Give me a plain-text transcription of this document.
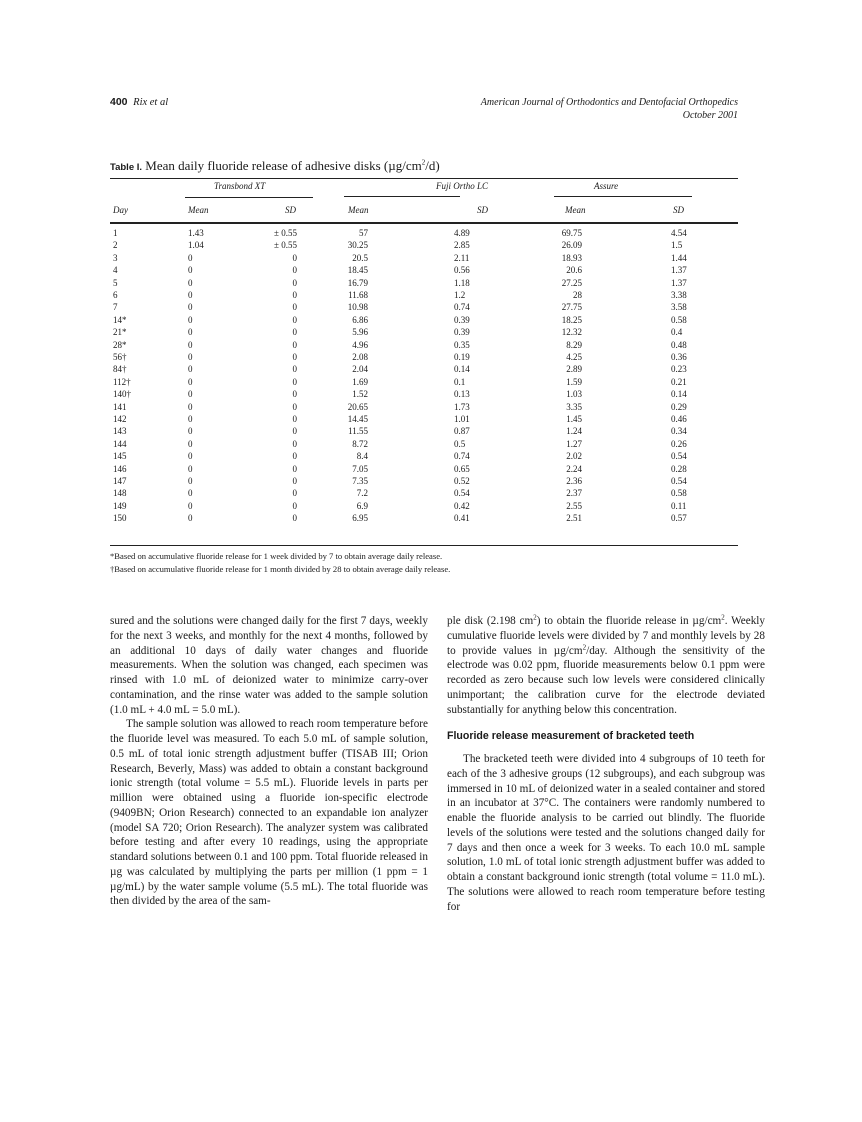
400 Rix et al	American Journal of Orthodontics and Dentofacial Orthopedics
October 2001
Table I. Mean daily fluoride release of adhesive disks $(\mu g/cm^2/d)$
Transbond XT	Fuji Ortho LC	Assure
Day	Mean	SD	Mean	SD	Mean	SD
1	1.43	± 0.55	57	4.89	69.75	4.54
2	1.04	± 0.55	30.25	2.85	26.09	1.5
3	0	0	20.5	2.11	18.93	1.44
4	0	0	18.45	0.56	20.6	1.37
5	0	0	16.79	1.18	27.25	1.37
6	0	0	11.68	1.2	28	3.38
7	0	0	10.98	0.74	27.75	3.58
14*	0	0	6.86	0.39	18.25	0.58
21*	0	0	5.96	0.39	12.32	0.4
28*	0	0	4.96	0.35	8.29	0.48
56†	0	0	2.08	0.19	4.25	0.36
84†	0	0	2.04	0.14	2.89	0.23
112†	0	0	1.69	0.1	1.59	0.21
140†	0	0	1.52	0.13	1.03	0.14
141	0	0	20.65	1.73	3.35	0.29
142	0	0	14.45	1.01	1.45	0.46
143	0	0	11.55	0.87	1.24	0.34
144	0	0	8.72	0.5	1.27	0.26
145	0	0	8.4	0.74	2.02	0.54
146	0	0	7.05	0.65	2.24	0.28
147	0	0	7.35	0.52	2.36	0.54
148	0	0	7.2	0.54	2.37	0.58
149	0	0	6.9	0.42	2.55	0.11
150	0	0	6.95	0.41	2.51	0.57
*Based on accumulative fluoride release for 1 week divided by 7 to obtain average daily release.
†Based on accumulative fluoride release for 1 month divided by 28 to obtain average daily release.

sured and the solutions were changed daily for the first 7 days, weekly for the next 3 weeks, and monthly for the next 4 months, followed by an additional 10 days of daily water changes and fluoride measurements. When the solution was changed, each specimen was rinsed with 1.0 mL of deionized water to minimize carry-over contamination, and the rinse water was added to the sample solution (1.0 mL + 4.0 mL = 5.0 mL).

The sample solution was allowed to reach room temperature before the fluoride level was measured. To each 5.0 mL of sample solution, 0.5 mL of total ionic strength adjustment buffer (TISAB III; Orion Research, Beverly, Mass) was added to obtain a constant background ionic strength (total volume = 5.5 mL). Fluoride levels in parts per million were obtained using a fluoride ion-specific electrode (9409BN; Orion Research) connected to an expandable ion analyzer (model SA 720; Orion Research). The analyzer system was calibrated before testing and after every 10 readings, using the appropriate standard solutions between 0.1 and 100 ppm. Total fluoride released in µg was calculated by multiplying the parts per million (1 ppm = 1 µg/mL) by the water sample volume (5.5 mL). The total fluoride was then divided by the area of the sam-

ple disk (2.198 $cm^2$) to obtain the fluoride release in $\mu g/cm^2$. Weekly cumulative fluoride levels were divided by 7 and monthly levels by 28 to provide values in $\mu g/cm^2$/day. Although the sensitivity of the electrode was 0.02 ppm, fluoride measurements below 0.1 ppm were recorded as zero because such low levels were considered clinically unimportant; the calibration curve for the electrode deviated substantially for anything below this concentration.

Fluoride release measurement of bracketed teeth

The bracketed teeth were divided into 4 subgroups of 10 teeth for each of the 3 adhesive groups (12 subgroups), and each subgroup was immersed in 10 mL of deionized water in a sealed container and stored in an incubator at 37°C. The containers were randomly numbered to enable the fluoride analysis to be carried out blindly. The fluoride levels of the solutions were tested and the solutions changed daily for 7 days and then once a week for 3 weeks. To each 10.0 mL sample solution, 1.0 mL of total ionic strength adjustment buffer was added to obtain a constant background ionic strength (total volume = 11.0 mL). The solutions were allowed to reach room temperature before testing for
